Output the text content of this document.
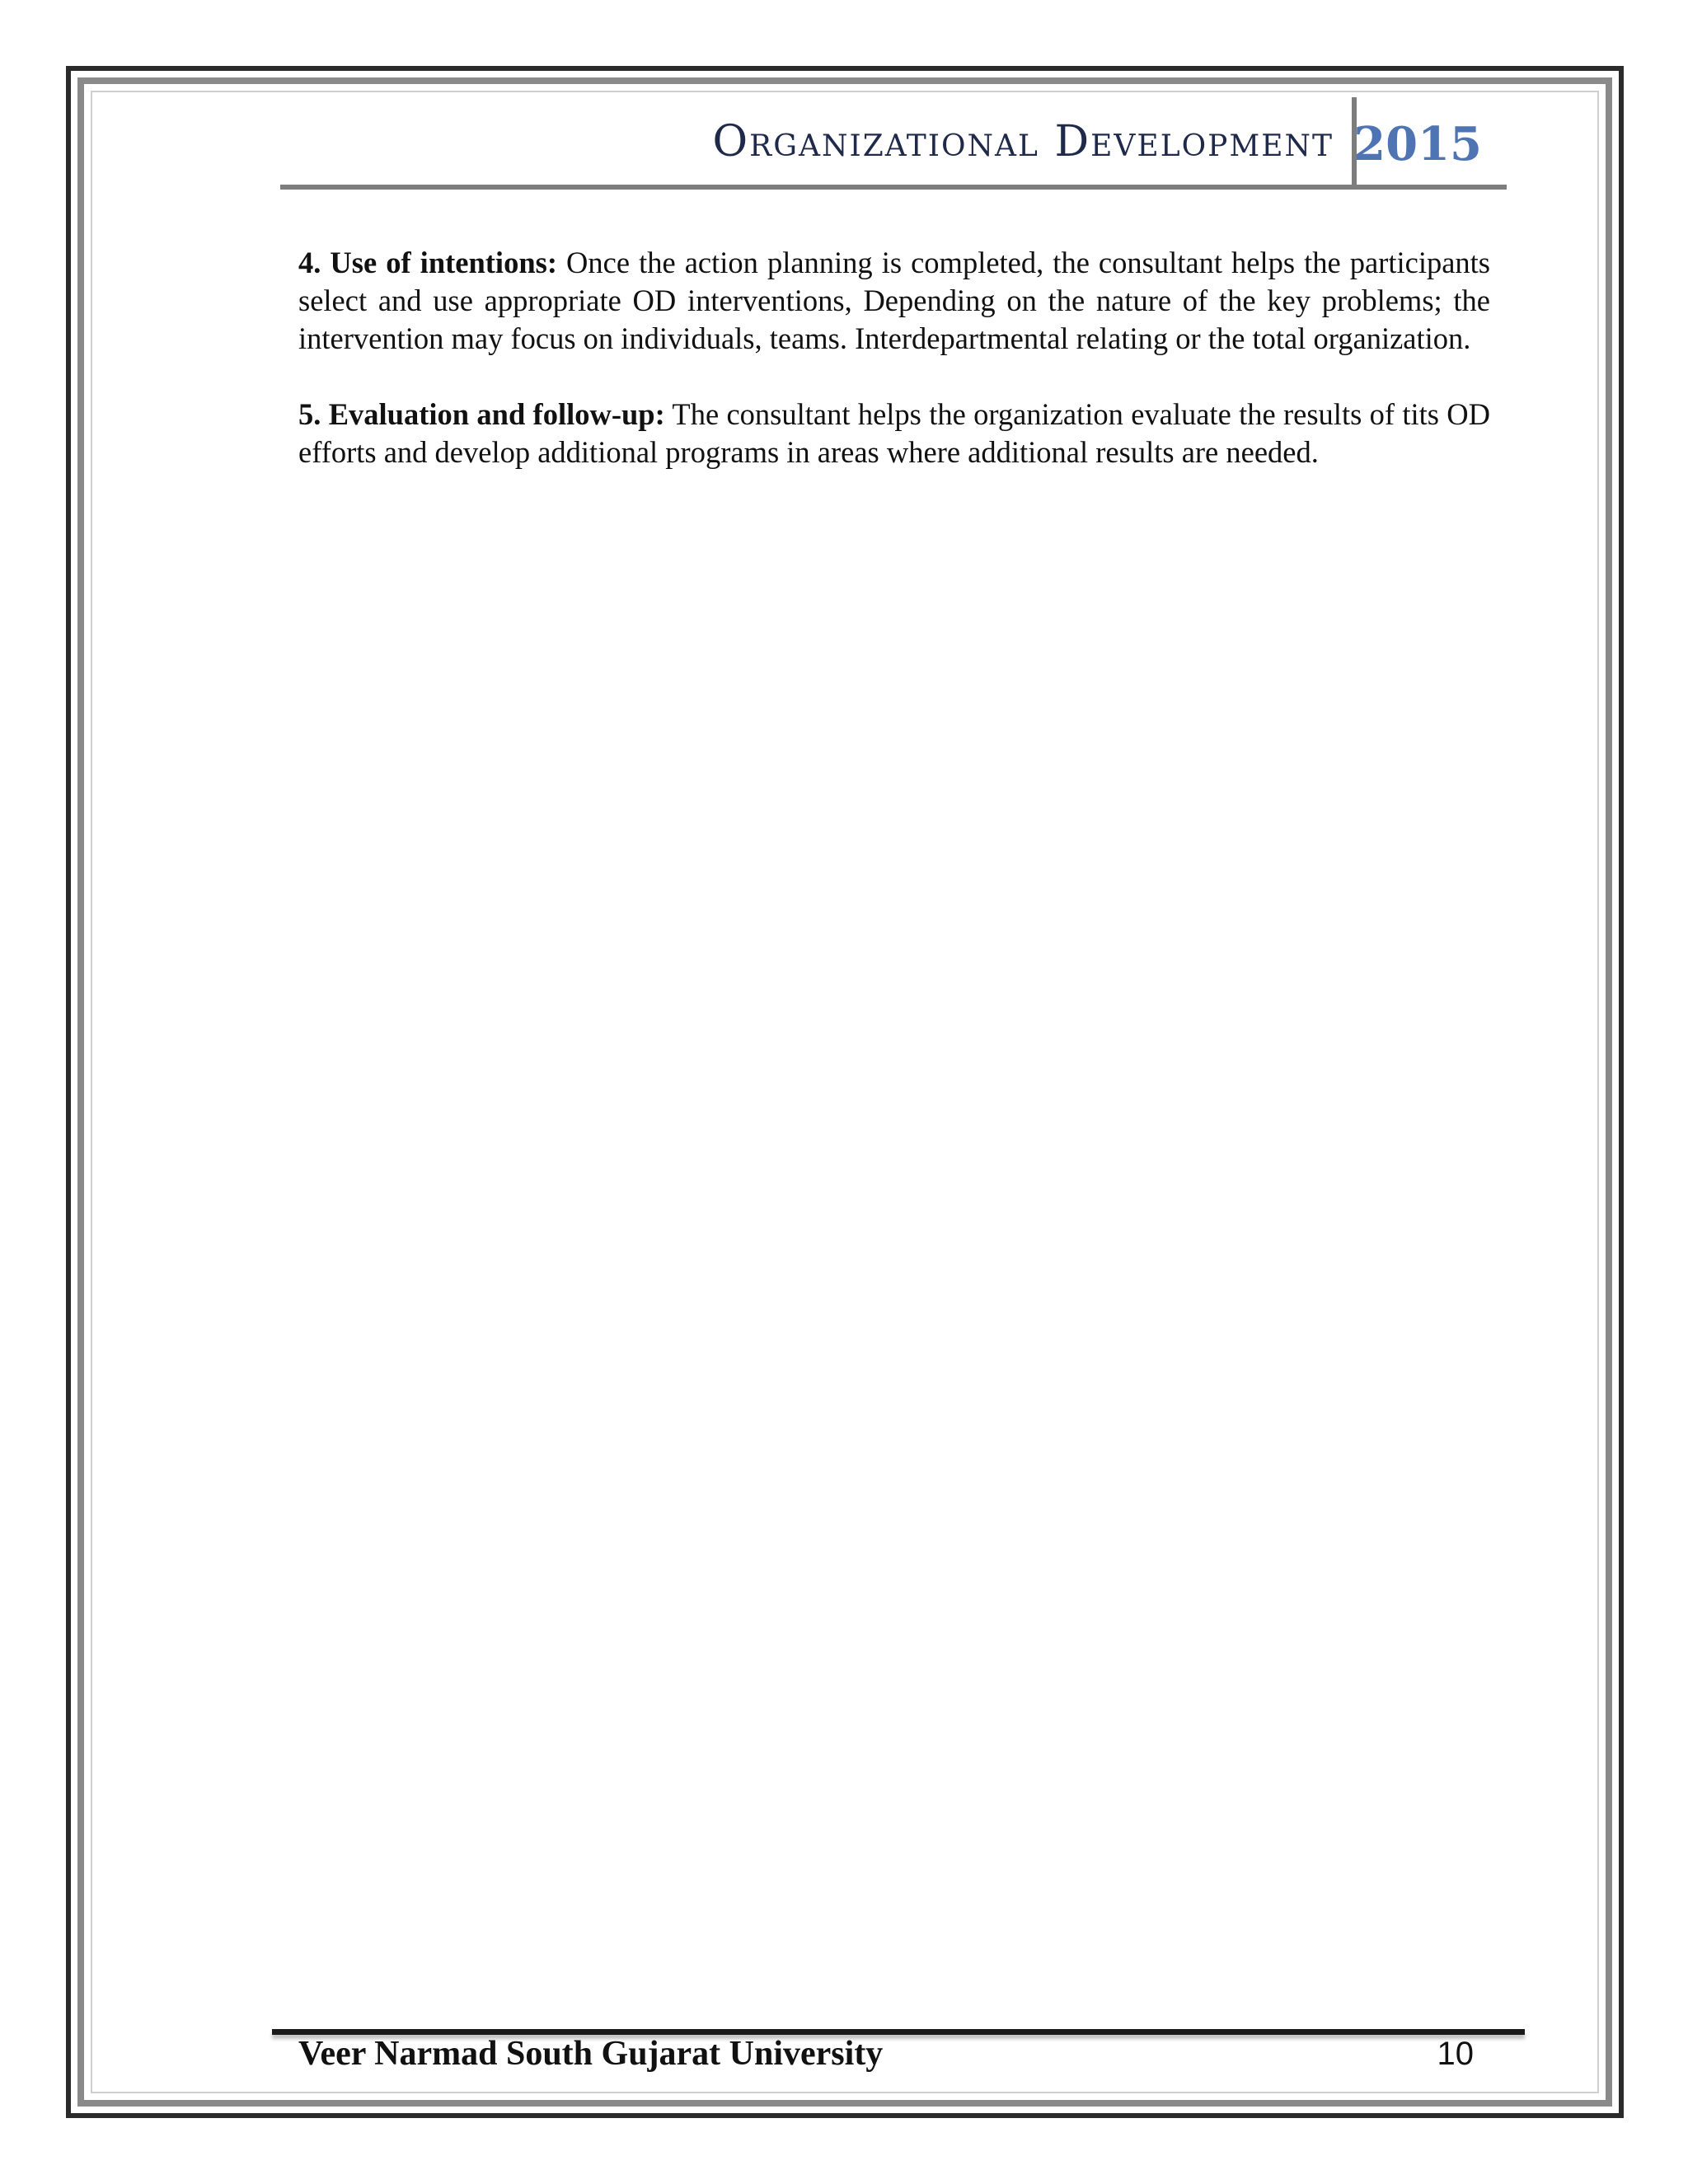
Organizational Development 2015

4. Use of intentions: Once the action planning is completed, the consultant helps the participants select and use appropriate OD interventions, Depending on the nature of the key problems; the intervention may focus on individuals, teams. Interdepartmental relating or the total organization.

5. Evaluation and follow-up: The consultant helps the organization evaluate the results of tits OD efforts and develop additional programs in areas where additional results are needed.

Veer Narmad South Gujarat University	10
